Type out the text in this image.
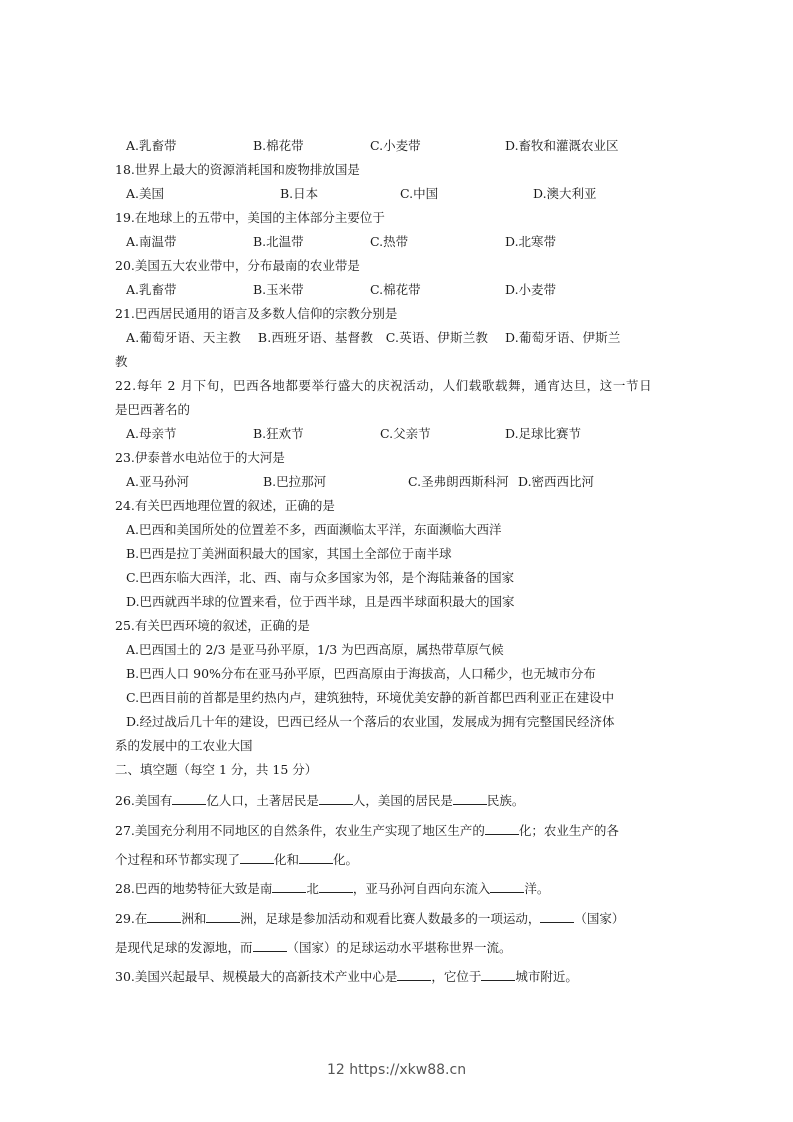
A.乳畜带	B.棉花带	C.小麦带	D.畜牧和灌溉农业区
18.世界上最大的资源消耗国和废物排放国是
A.美国	B.日本	C.中国	D.澳大利亚
19.在地球上的五带中，美国的主体部分主要位于
A.南温带	B.北温带	C.热带	D.北寒带
20.美国五大农业带中，分布最南的农业带是
A.乳畜带	B.玉米带	C.棉花带	D.小麦带
21.巴西居民通用的语言及多数人信仰的宗教分别是
A.葡萄牙语、天主教　 B.西班牙语、基督教　C.英语、伊斯兰教　 D.葡萄牙语、伊斯兰
教
22.每年 2 月下旬，巴西各地都要举行盛大的庆祝活动，人们载歌载舞，通宵达旦，这一节日
是巴西著名的
A.母亲节	B.狂欢节	C.父亲节	D.足球比赛节
23.伊泰普水电站位于的大河是
A.亚马孙河	B.巴拉那河	C.圣弗朗西斯科河 D.密西西比河
24.有关巴西地理位置的叙述，正确的是
A.巴西和美国所处的位置差不多，西面濒临太平洋，东面濒临大西洋
B.巴西是拉丁美洲面积最大的国家，其国土全部位于南半球
C.巴西东临大西洋，北、西、南与众多国家为邻，是个海陆兼备的国家
D.巴西就西半球的位置来看，位于西半球，且是西半球面积最大的国家
25.有关巴西环境的叙述，正确的是
A.巴西国土的 2/3 是亚马孙平原，1/3 为巴西高原，属热带草原气候
B.巴西人口 90%分布在亚马孙平原，巴西高原由于海拔高，人口稀少，也无城市分布
C.巴西目前的首都是里约热内卢，建筑独特，环境优美安静的新首都巴西利亚正在建设中
D.经过战后几十年的建设，巴西已经从一个落后的农业国，发展成为拥有完整国民经济体
系的发展中的工农业大国
二、填空题（每空 1 分，共 15 分）
26.美国有	亿人口，土著居民是	人，美国的居民是	民族。
27.美国充分利用不同地区的自然条件，农业生产实现了地区生产的	化；农业生产的各
个过程和环节都实现了	化和	化。
28.巴西的地势特征大致是南	北	，亚马孙河自西向东流入	洋。
29.在	洲和	洲，足球是参加活动和观看比赛人数最多的一项运动，	（国家）
是现代足球的发源地，而	（国家）的足球运动水平堪称世界一流。
30.美国兴起最早、规模最大的高新技术产业中心是	，它位于	城市附近。
12 https://xkw88.cn
